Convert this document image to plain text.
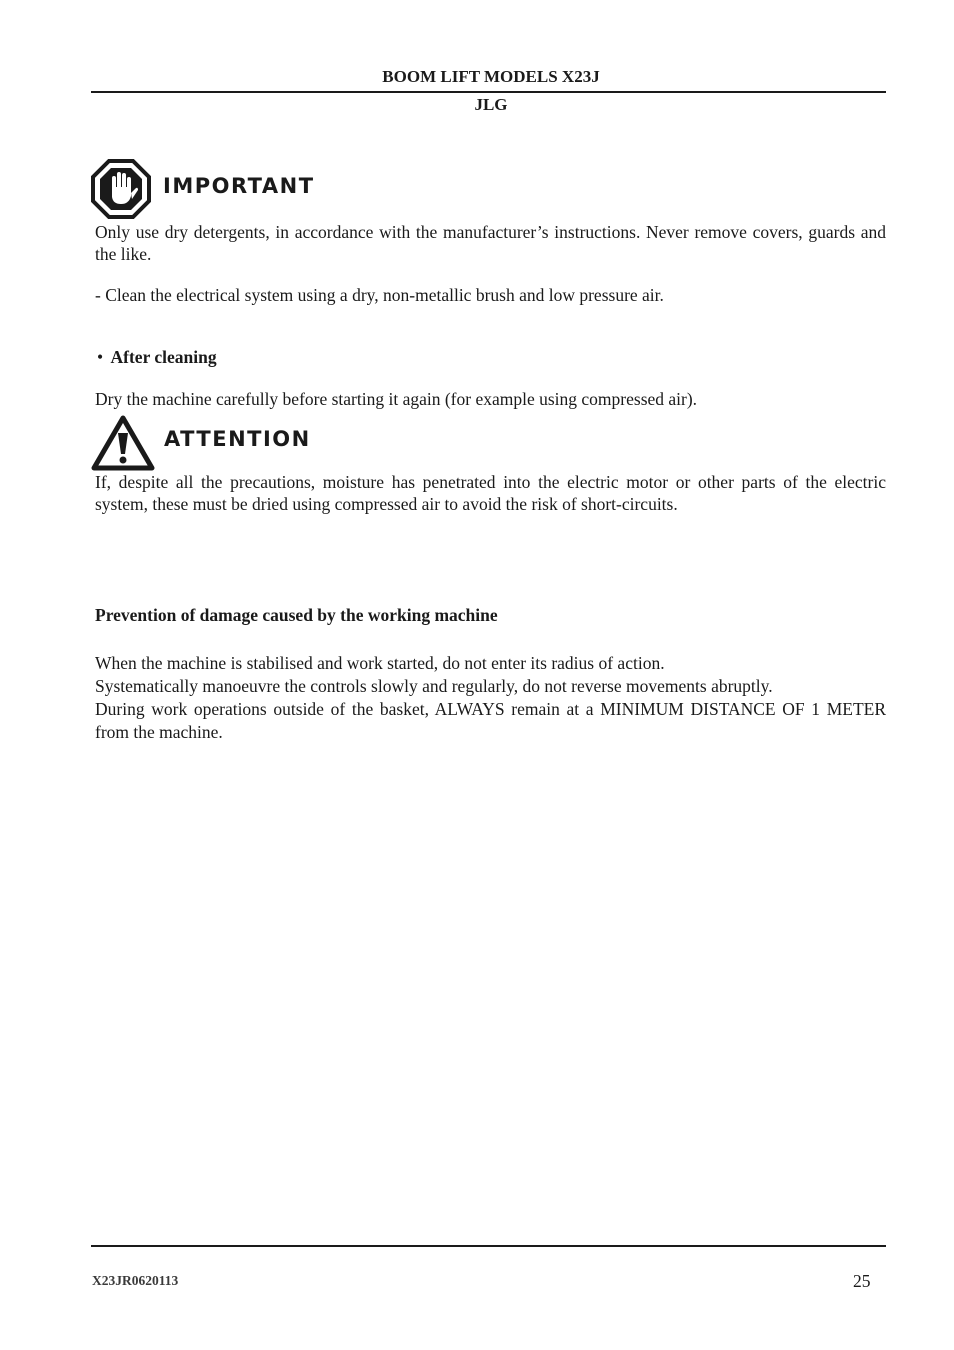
BOOM LIFT MODELS X23J
JLG
IMPORTANT
Only use dry detergents, in accordance with the manufacturer’s instructions. Never remove covers, guards and the like.
- Clean the electrical system using a dry, non-metallic brush and low pressure air.
• After cleaning
Dry the machine carefully before starting it again (for example using compressed air).
ATTENTION
If, despite all the precautions, moisture has penetrated into the electric motor or other parts of the electric system, these must be dried using compressed air to avoid the risk of short-circuits.
Prevention of damage caused by the working machine
When the machine is stabilised and work started, do not enter its radius of action.
Systematically manoeuvre the controls slowly and regularly, do not reverse movements abruptly.
During work operations outside of the basket, ALWAYS remain at a MINIMUM DISTANCE OF 1 METER from the machine.
X23JR0620113	25
